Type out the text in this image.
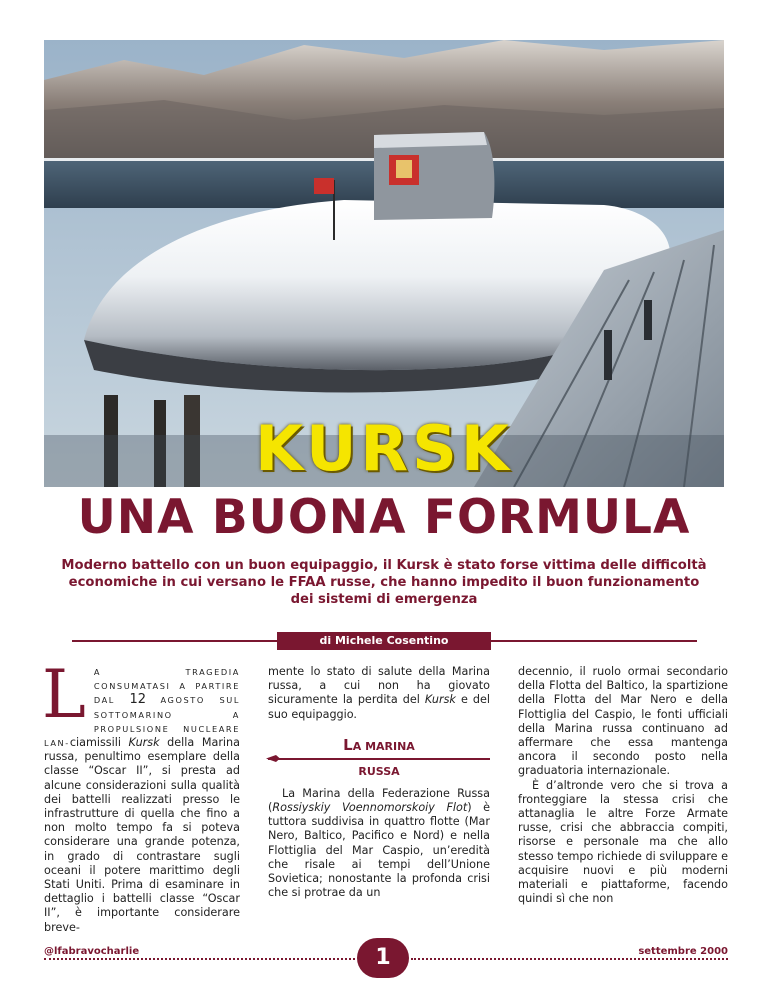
KURSK
UNA BUONA FORMULA
Moderno battello con un buon equipaggio, il Kursk è stato forse vittima delle difficoltà economiche in cui versano le FFAA russe, che hanno impedito il buon funzionamento dei sistemi di emergenza
di Michele Cosentino

L A TRAGEDIA CONSUMATASI A PARTIRE DAL 12 AGOSTO SUL SOTTOMARINO A PROPULSIONE NUCLEARE LAN-ciamissili Kursk della Marina russa, penultimo esemplare della classe “Oscar II”, si presta ad alcune considerazioni sulla qualità dei battelli realizzati presso le infrastrutture di quella che fino a non molto tempo fa si poteva considerare una grande potenza, in grado di contrastare sugli oceani il potere marittimo degli Stati Uniti. Prima di esaminare in dettaglio i battelli classe “Oscar II”, è importante considerare breve-

mente lo stato di salute della Marina russa, a cui non ha giovato sicuramente la perdita del Kursk e del suo equipaggio.

LA MARINA
RUSSA

La Marina della Federazione Russa (Rossiyskiy Voennomorskoiy Flot) è tuttora suddivisa in quattro flotte (Mar Nero, Baltico, Pacifico e Nord) e nella Flottiglia del Mar Caspio, un’eredità che risale ai tempi dell’Unione Sovietica; nonostante la profonda crisi che si protrae da un

decennio, il ruolo ormai secondario della Flotta del Baltico, la spartizione della Flotta del Mar Nero e della Flottiglia del Caspio, le fonti ufficiali della Marina russa continuano ad affermare che essa mantenga ancora il secondo posto nella graduatoria internazionale.

È d’altronde vero che si trova a fronteggiare la stessa crisi che attanaglia le altre Forze Armate russe, crisi che abbraccia compiti, risorse e personale ma che allo stesso tempo richiede di sviluppare e acquisire nuovi e più moderni materiali e piattaforme, facendo quindi sì che non

@lfabravocharlie	1	settembre 2000
